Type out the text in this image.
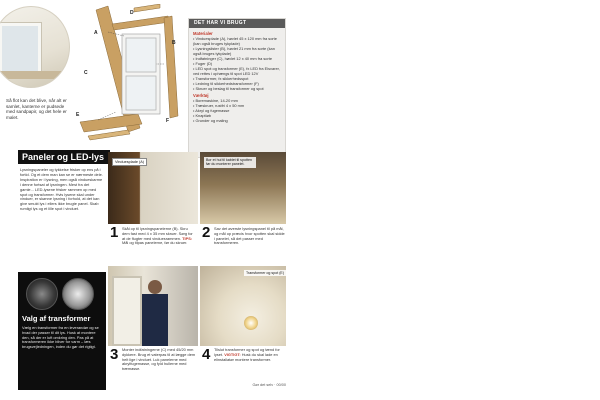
Så flot kan det blive, når alt er samlet, kanterne er pudsede med sandpapir, og det hele er malet.
A
B
C
D
E
F
DET HAR VI BRUGT
Materialer
• Vinduesplade (A), høvlet 45 x 120 mm fra sorte (kan også bruges tykplade)
• Lysningslister (B), høvlet 21 mm fra sorte (kan også bruges tykplade)
• Indfatninger (C), høvlet 12 x 40 mm fra sorte
• Fuger (D)
• LED spot og transformer (E), fx LED fra Elsvarer, ved rettes i ophængs til spot LED 12V
• Transformer, fx sikkerhedsspot
• Ledning til sikkerhedstransformer (F)
• Skruer og beslag til transformer og spot
Værktøj
• Boremaskine, 14-20 mm
• Træskruer, rustfri 4 x 50 mm
• Akryl og fugemasse
• Knaptløb
• Grunder og maling
Paneler og LED-lys
Lysningspaneler og tykkelse frisker op ens på i fortid. Og et dem man kan se er nærmeste dele. Inspiration er i lysning, men også vindueskarme i denne fortsat af lysningen. Mest fra det gamle... LED-lysene frisker rammen op med spot og transformer. Hvis lysene skal under vinduer, er skønne lysning i forhold, at det kan give smukt lys i ellers ikke brugte panel. Skab rumligt lys og et lille spot i vinduet.
Valg af transformer
Vælg en transformer fra en leverandør og se hvad der passer til dit lys. Husk at montere den, så der er luft omkring den. Pas på at transformeren ikke bliver for varm – læs brugsvejledningen, inden du gør det rigtigt.
Vinduesplade (A)
1 Skål op til lysningspanelerne (B). Skru dem fast med 4 x 35 mm skruer. Sørg for at de flugter med vinduesrammen. TIPS: Mål og tilpas panelerne, før du skruer.
Bor et hul til kablet til spotten før du monterer panelet.
2 Sav det øverste lysningspanel til på mål, og mål op præcis hvor spotten skal sidde i panelet, så det passer med transformeren.
3 Monter indfatningerne (C) med 45/20 mm dykkere. Brug et vaterpas til at lægge dem helt lige i vinduet. Luk panelerne med akrylfugemasse, og fyld hullerne med træmasse.
Transformer og spot (E)
4 Tilslut transformer og spot og tænd for lyset. VIGTIGT: Husk du skal lade en elinstallatør montere transformer.
Gør det selv · 00/00
